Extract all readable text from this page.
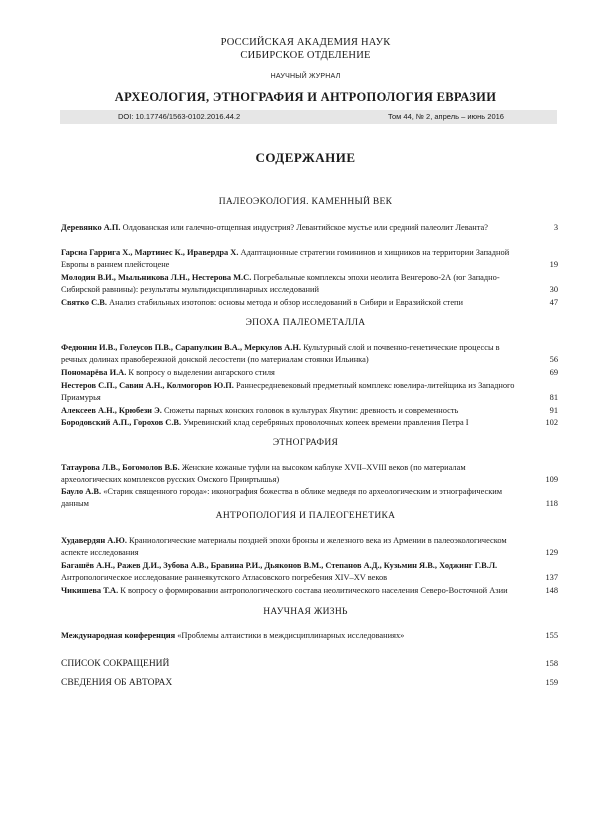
РОССИЙСКАЯ АКАДЕМИЯ НАУК
СИБИРСКОЕ ОТДЕЛЕНИЕ
НАУЧНЫЙ ЖУРНАЛ
АРХЕОЛОГИЯ, ЭТНОГРАФИЯ И АНТРОПОЛОГИЯ ЕВРАЗИИ
DOI: 10.17746/1563-0102.2016.44.2	Том 44, № 2, апрель – июнь 2016
СОДЕРЖАНИЕ
ПАЛЕОЭКОЛОГИЯ. КАМЕННЫЙ ВЕК
Деревянко А.П. Олдованская или галечно-отщепная индустрия? Левантийское мустье или средний палеолит Леванта?	3
Гарсиа Гаррига Х., Мартинес К., Иравердра Х. Адаптационные стратегии гомининов и хищников на территории Западной Европы в раннем плейстоцене	19
Молодин В.И., Мыльникова Л.Н., Нестерова М.С. Погребальные комплексы эпохи неолита Венгерово-2А (юг Западно-Сибирской равнины): результаты мультидисциплинарных исследований	30
Святко С.В. Анализ стабильных изотопов: основы метода и обзор исследований в Сибири и Евразийской степи	47
ЭПОХА ПАЛЕОМЕТАЛЛА
Федюнин И.В., Голеусов П.В., Сарапулкин В.А., Меркулов А.Н. Культурный слой и почвенно-генетические процессы в речных долинах правобережной донской лесостепи (по материалам стоянки Ильинка)	56
Пономарёва И.А. К вопросу о выделении ангарского стиля	69
Нестеров С.П., Савин А.Н., Колмогоров Ю.П. Раннесредневековый предметный комплекс ювелира-литейщика из Западного Приамурья	81
Алексеев А.Н., Крюбези Э. Сюжеты парных конских головок в культурах Якутии: древность и современность	91
Бородовский А.П., Горохов С.В. Умревинский клад серебряных проволочных копеек времени правления Петра I	102
ЭТНОГРАФИЯ
Татаурова Л.В., Богомолов В.Б. Женские кожаные туфли на высоком каблуке XVII–XVIII веков (по материалам археологических комплексов русских Омского Прииртышья)	109
Бауло А.В. «Старик священного города»: иконография божества в облике медведя по археологическим и этнографическим данным	118
АНТРОПОЛОГИЯ И ПАЛЕОГЕНЕТИКА
Худавердян А.Ю. Краниологические материалы поздней эпохи бронзы и железного века из Армении в палеоэкологическом аспекте исследования	129
Багашёв А.Н., Ражев Д.И., Зубова А.В., Бравина Р.И., Дьяконов В.М., Степанов А.Д., Кузьмин Я.В., Ходжинг Г.В.Л. Антропологическое исследование раннеякутского Атласовского погребения XIV–XV веков	137
Чикишева Т.А. К вопросу о формировании антропологического состава неолитического населения Северо-Восточной Азии	148
НАУЧНАЯ ЖИЗНЬ
Международная конференция «Проблемы алтаистики в междисциплинарных исследованиях»	155
СПИСОК СОКРАЩЕНИЙ	158
СВЕДЕНИЯ ОБ АВТОРАХ	159
